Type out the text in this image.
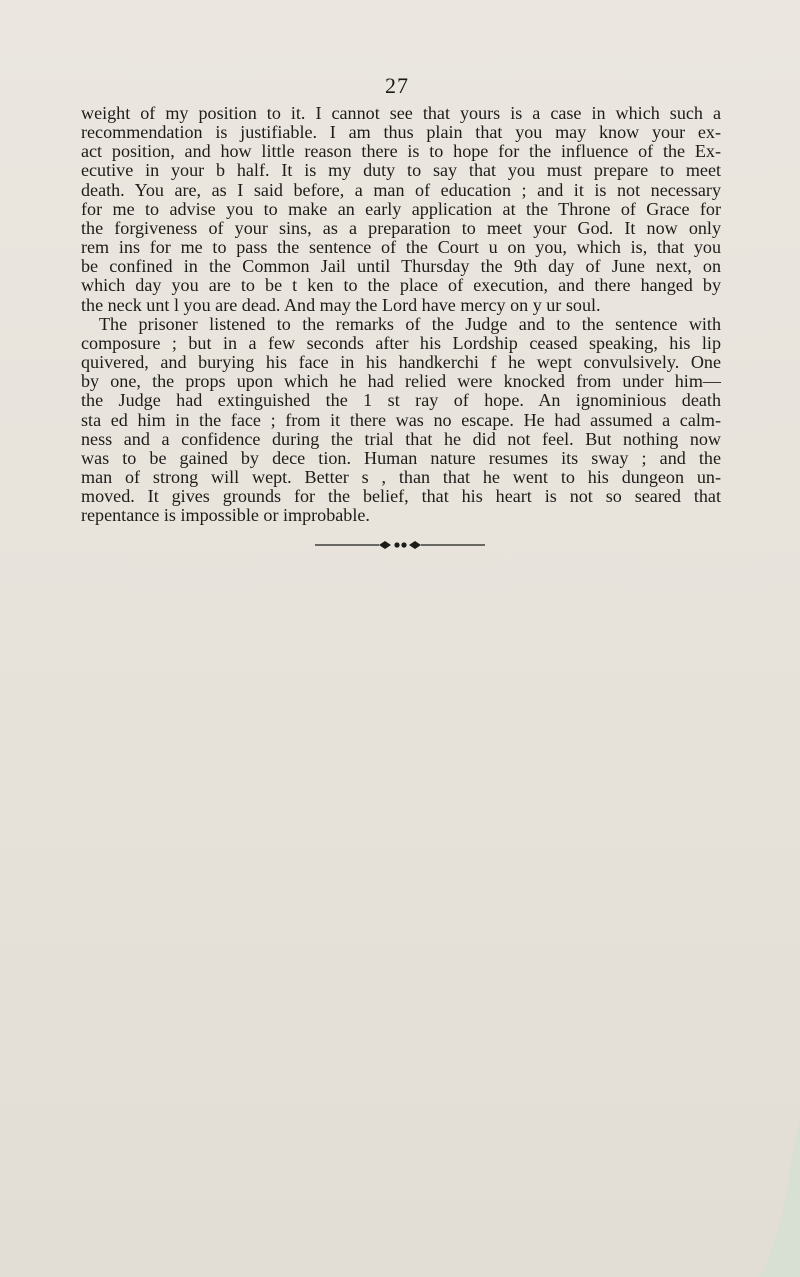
27
weight of my position to it. I cannot see that yours is a case in which such a
recommendation is justifiable. I am thus plain that you may know your ex-
act position, and how little reason there is to hope for the influence of the Ex-
ecutive in your b half. It is my duty to say that you must prepare to meet
death. You are, as I said before, a man of education ; and it is not necessary
for me to advise you to make an early application at the Throne of Grace for
the forgiveness of your sins, as a preparation to meet your God. It now only
rem ins for me to pass the sentence of the Court u on you, which is, that you
be confined in the Common Jail until Thursday the 9th day of June next, on
which day you are to be t ken to the place of execution, and there hanged by
the neck unt l you are dead. And may the Lord have mercy on y ur soul.
The prisoner listened to the remarks of the Judge and to the sentence with
composure ; but in a few seconds after his Lordship ceased speaking, his lip
quivered, and burying his face in his handkerchi f he wept convulsively. One
by one, the props upon which he had relied were knocked from under him—
the Judge had extinguished the 1 st ray of hope. An ignominious death
sta ed him in the face ; from it there was no escape. He had assumed a calm-
ness and a confidence during the trial that he did not feel. But nothing now
was to be gained by dece tion. Human nature resumes its sway ; and the
man of strong will wept. Better s , than that he went to his dungeon un-
moved. It gives grounds for the belief, that his heart is not so seared that
repentance is impossible or improbable.
